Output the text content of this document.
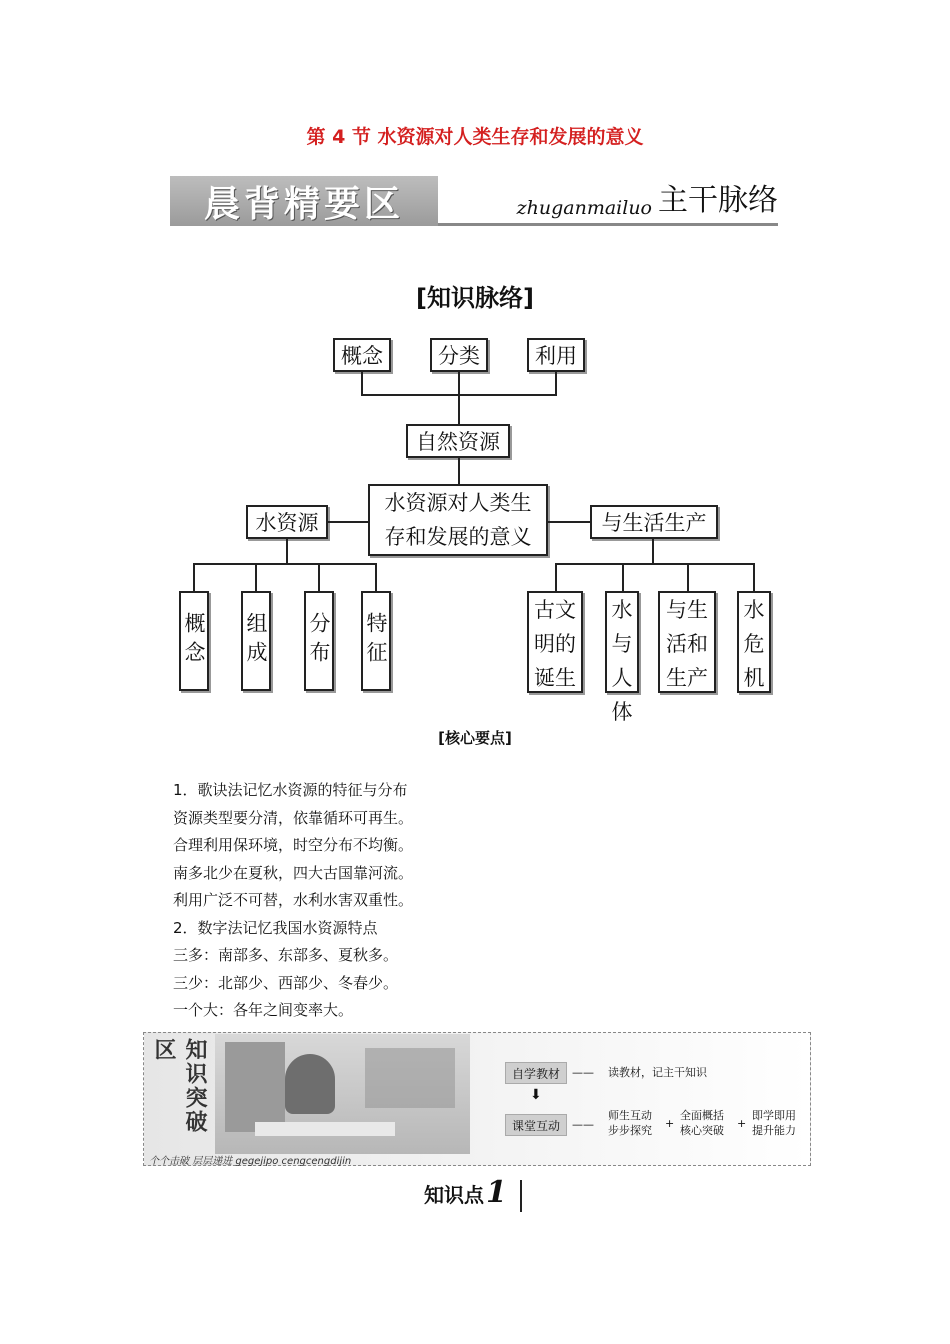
第 4 节 水资源对人类生存和发展的意义
晨背精要区	zhuganmailuo 主干脉络
[知识脉络]
概念	分类	利用
自然资源
水资源对人类生存和发展的意义
水资源	与生活生产
概念 组成 分布 特征
古文明的诞生
水与人体
与生活和生产
水危机
[核心要点]
1．歌诀法记忆水资源的特征与分布
资源类型要分清，依靠循环可再生。
合理利用保环境，时空分布不均衡。
南多北少在夏秋，四大古国靠河流。
利用广泛不可替，水利水害双重性。
2．数字法记忆我国水资源特点
三多：南部多、东部多、夏秋多。
三少：北部少、西部少、冬春少。
一个大：各年之间变率大。
知识突破区
自学教材	—— 读教材，记主干知识
⬇
课堂互动	——
师生互动
步步探究
+
全面概括
核心突破
+
即学即用
提升能力
个个击破 层层递进 gegejipo cengcengdijin
知识点 1
